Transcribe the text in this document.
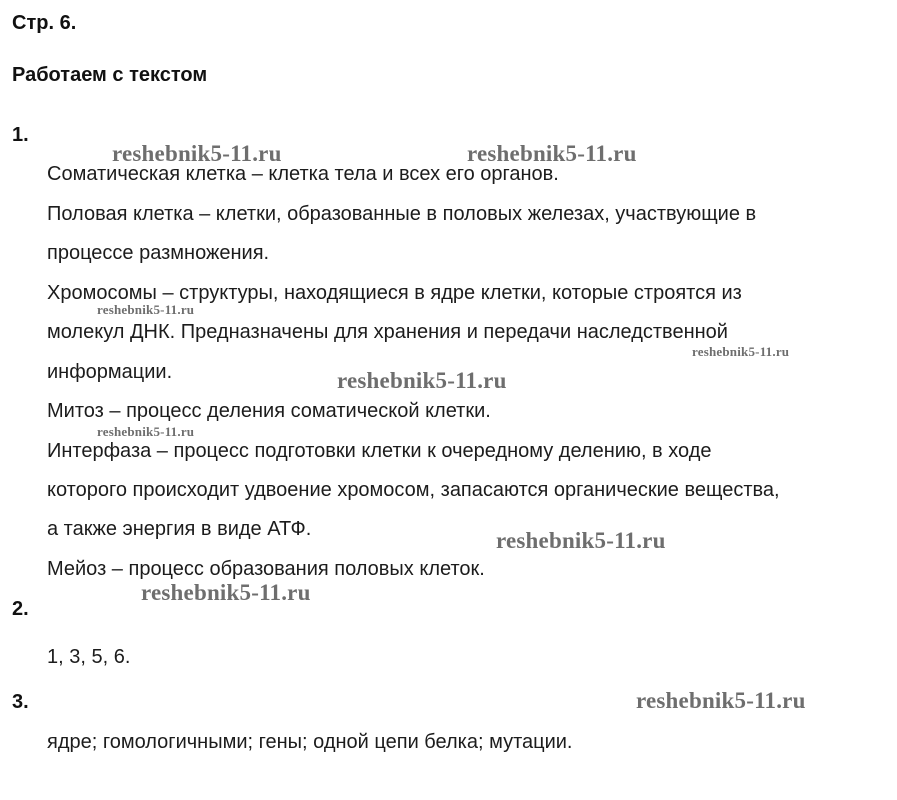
Стр. 6.
Работаем с текстом
1.
Соматическая клетка – клетка тела и всех его органов.
Половая клетка – клетки, образованные в половых железах, участвующие в
процессе размножения.
Хромосомы – структуры, находящиеся в ядре клетки, которые строятся из
молекул ДНК. Предназначены для хранения и передачи наследственной
информации.
Митоз – процесс деления соматической клетки.
Интерфаза – процесс подготовки клетки к очередному делению, в ходе
которого происходит удвоение хромосом, запасаются органические вещества,
а также энергия в виде АТФ.
Мейоз – процесс образования половых клеток.
2.
1, 3, 5, 6.
3.
ядре; гомологичными; гены; одной цепи белка; мутации.
reshebnik5-11.ru	reshebnik5-11.ru
reshebnik5-11.ru
reshebnik5-11.ru
reshebnik5-11.ru
reshebnik5-11.ru
reshebnik5-11.ru
reshebnik5-11.ru
reshebnik5-11.ru
